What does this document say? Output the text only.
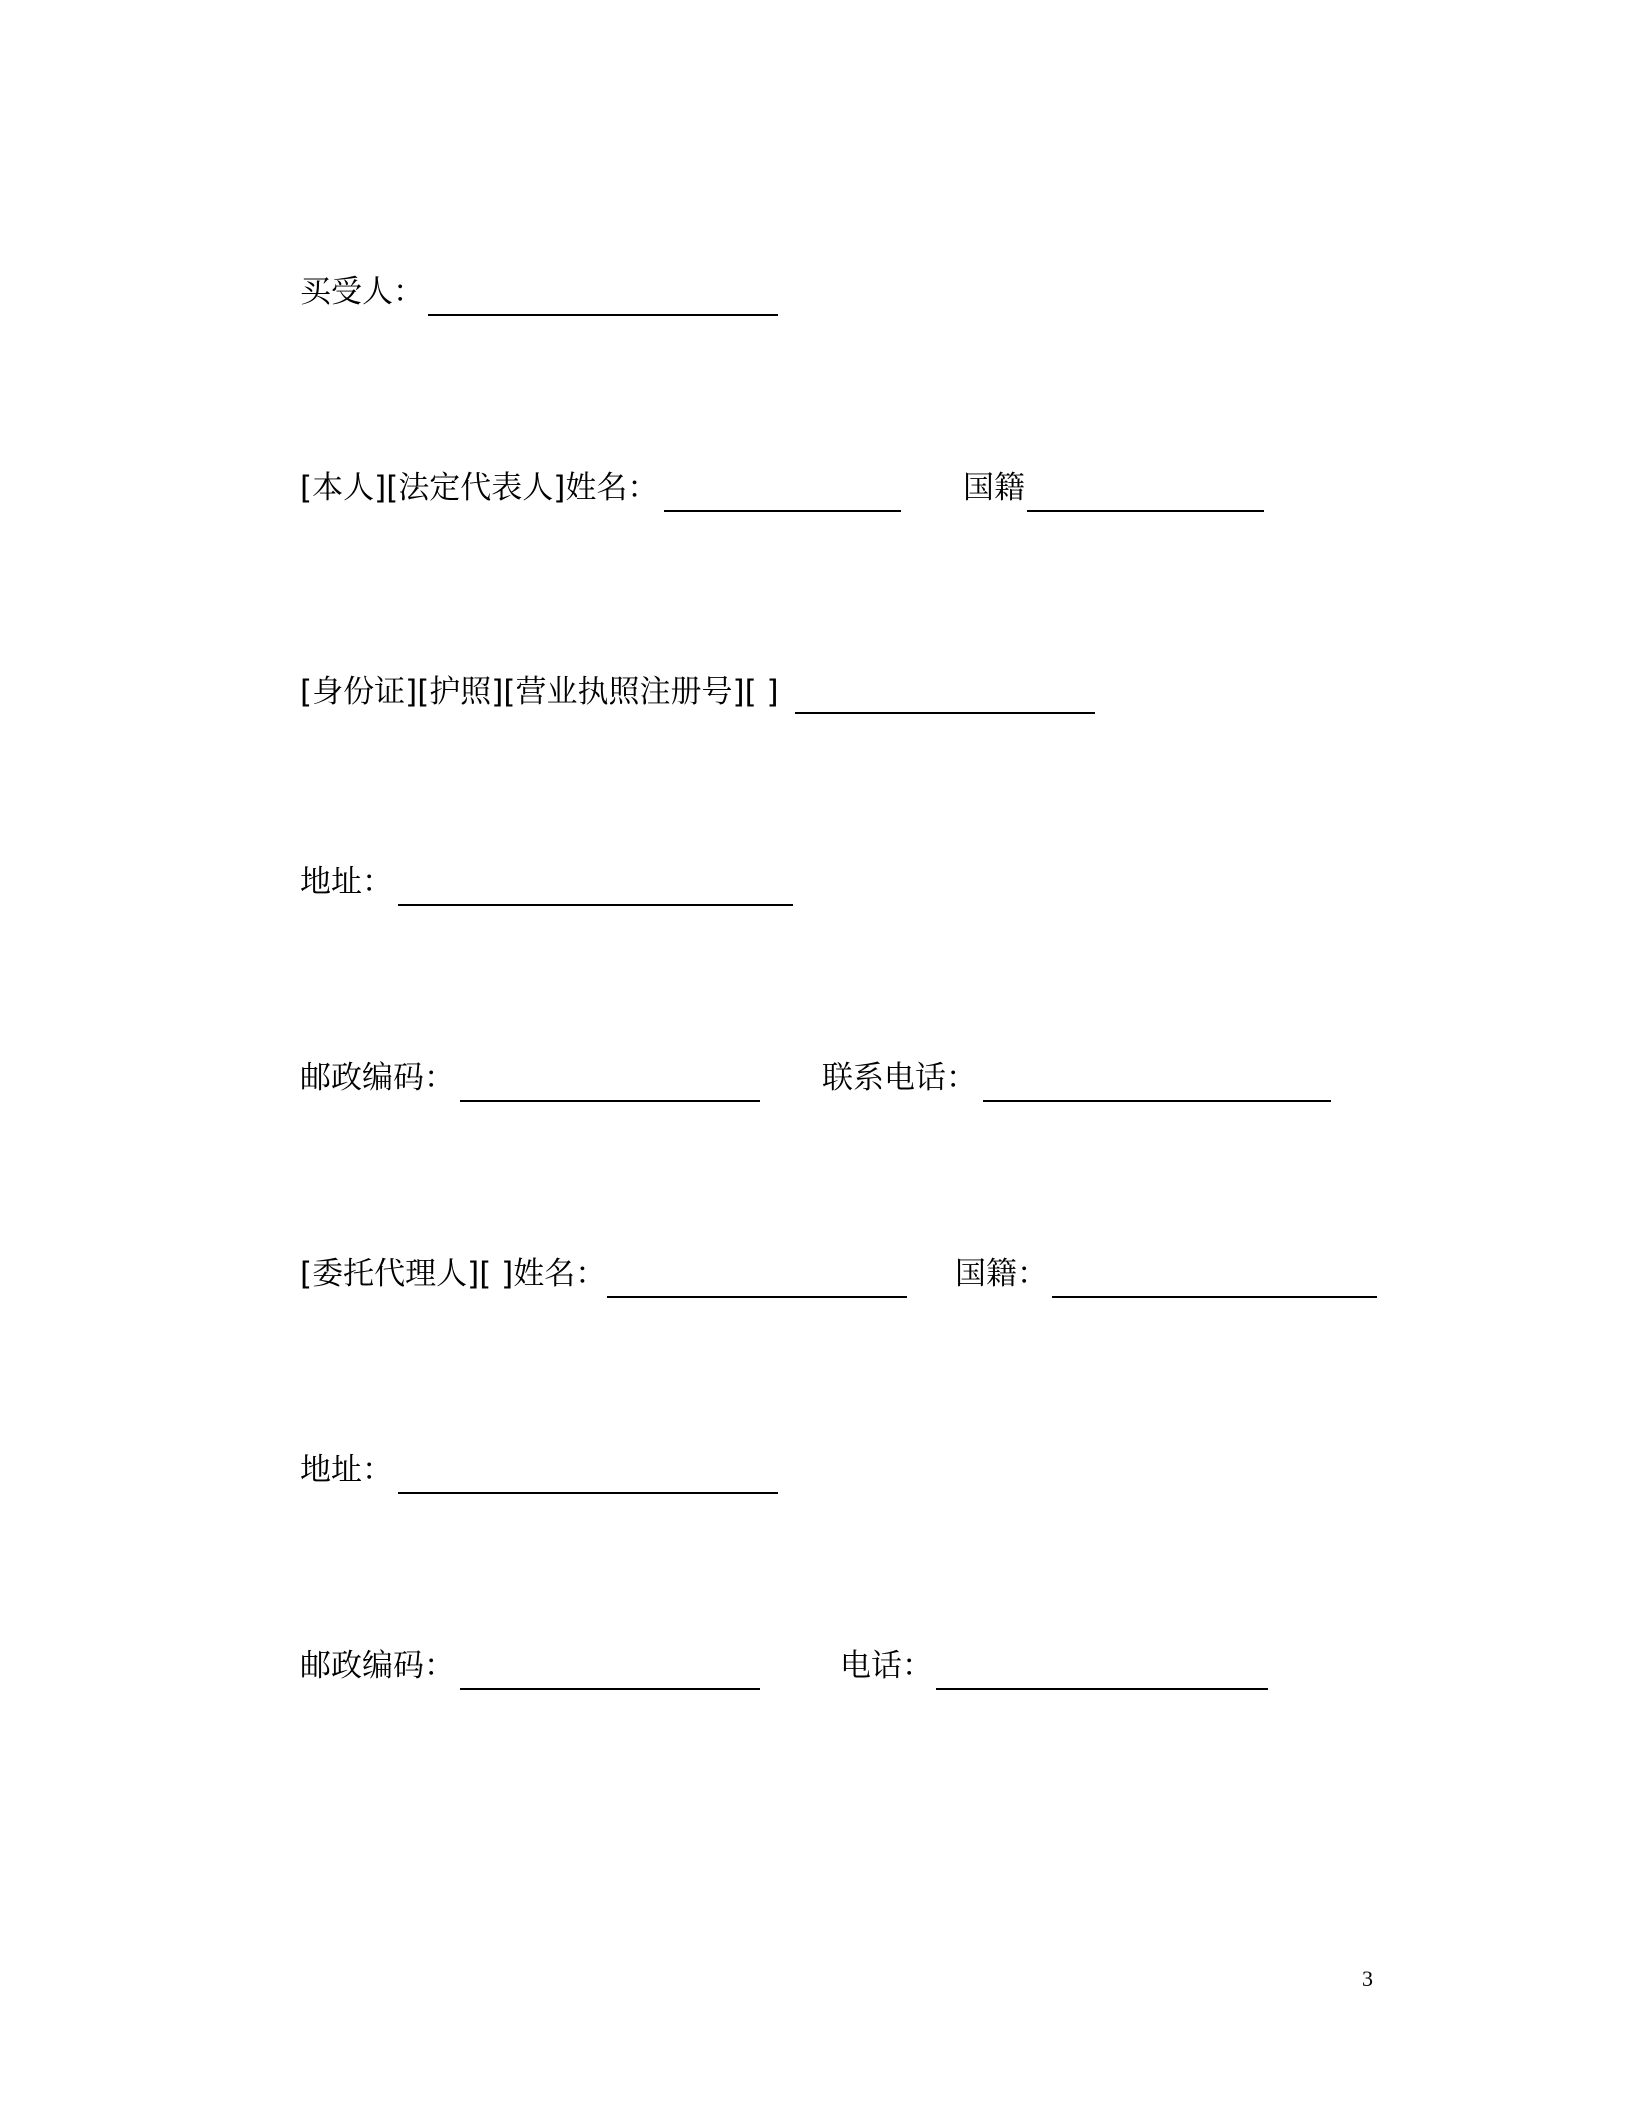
买受人：
[本人][法定代表人]姓名：	国籍
[身份证][护照][营业执照注册号][ ]
地址：
邮政编码：	联系电话：
[委托代理人][ ]姓名：	国籍：
地址：
邮政编码：	电话：
3
